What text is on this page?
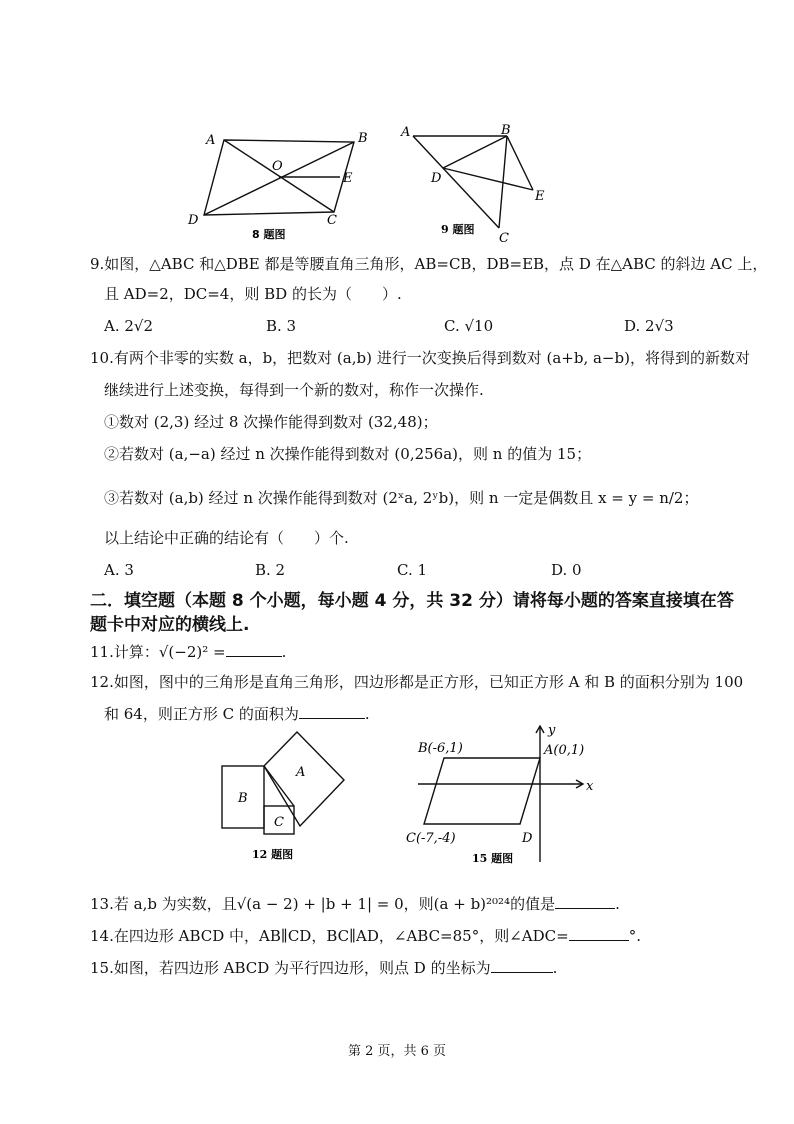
A	B
O
E
D	C
8 题图
A	B
D
E
C
9 题图
9.如图，△ABC 和△DBE 都是等腰直角三角形，AB=CB，DB=EB，点 D 在△ABC 的斜边 AC 上，
且 AD=2，DC=4，则 BD 的长为（　　）.
A. 2√2	B. 3	C. √10	D. 2√3
10.有两个非零的实数 a，b，把数对 (a,b) 进行一次变换后得到数对 (a+b, a−b)，将得到的新数对
继续进行上述变换，每得到一个新的数对，称作一次操作.
①数对 (2,3) 经过 8 次操作能得到数对 (32,48)；
②若数对 (a,−a) 经过 n 次操作能得到数对 (0,256a)，则 n 的值为 15；
③若数对 (a,b) 经过 n 次操作能得到数对 (2ˣa, 2ʸb)，则 n 一定是偶数且 x = y = n/2；
以上结论中正确的结论有（　　）个.
A. 3	B. 2	C. 1	D. 0
二．填空题（本题 8 个小题，每小题 4 分，共 32 分）请将每小题的答案直接填在答
题卡中对应的横线上.
11.计算：√(−2)² =	.
12.如图，图中的三角形是直角三角形，四边形都是正方形，已知正方形 A 和 B 的面积分别为 100
和 64，则正方形 C 的面积为	.
A
B
C
12 题图
B(-6,1)	A(0,1)
C(-7,-4)	D
x
y
15 题图
13.若 a,b 为实数，且√(a − 2) + |b + 1| = 0，则(a + b)²⁰²⁴的值是	.
14.在四边形 ABCD 中，AB∥CD，BC∥AD，∠ABC=85°，则∠ADC=	°.
15.如图，若四边形 ABCD 为平行四边形，则点 D 的坐标为	.
第 2 页，共 6 页
